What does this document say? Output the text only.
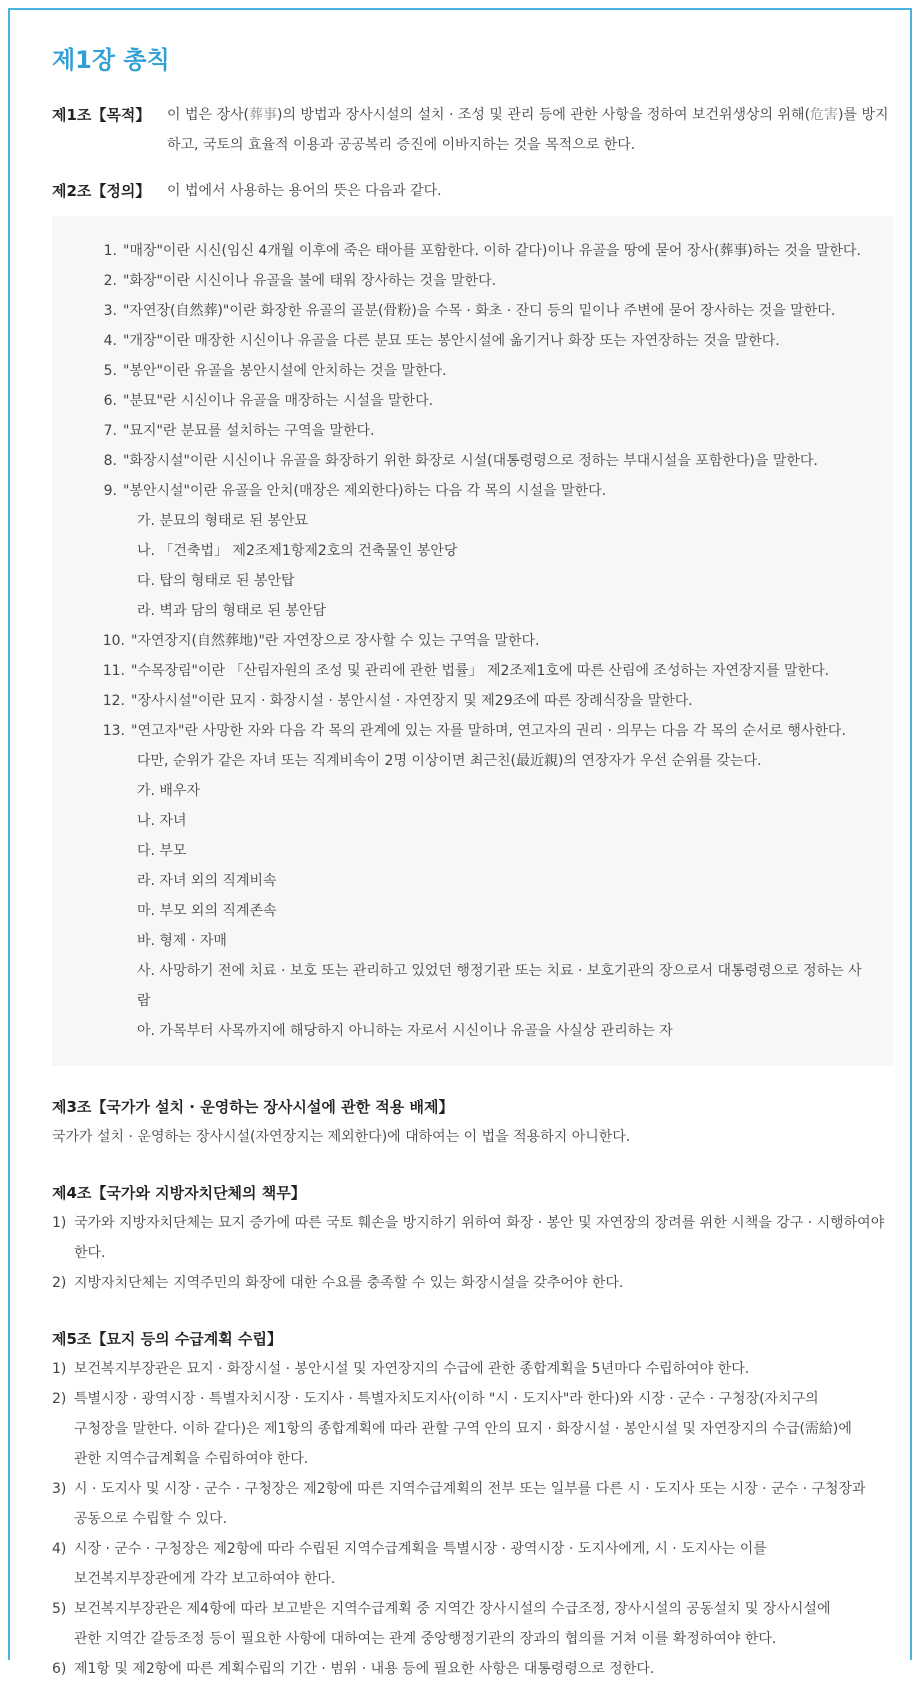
제1장 총칙
제1조【목적】	이 법은 장사(葬事)의 방법과 장사시설의 설치 · 조성 및 관리 등에 관한 사항을 정하여 보건위생상의 위해(危害)를 방지하고, 국토의 효율적 이용과 공공복리 증진에 이바지하는 것을 목적으로 한다.
제2조【정의】	이 법에서 사용하는 용어의 뜻은 다음과 같다.
1. "매장"이란 시신(임신 4개월 이후에 죽은 태아를 포함한다. 이하 같다)이나 유골을 땅에 묻어 장사(葬事)하는 것을 말한다.
2. "화장"이란 시신이나 유골을 불에 태워 장사하는 것을 말한다.
3. "자연장(自然葬)"이란 화장한 유골의 골분(骨粉)을 수목 · 화초 · 잔디 등의 밑이나 주변에 묻어 장사하는 것을 말한다.
4. "개장"이란 매장한 시신이나 유골을 다른 분묘 또는 봉안시설에 옮기거나 화장 또는 자연장하는 것을 말한다.
5. "봉안"이란 유골을 봉안시설에 안치하는 것을 말한다.
6. "분묘"란 시신이나 유골을 매장하는 시설을 말한다.
7. "묘지"란 분묘를 설치하는 구역을 말한다.
8. "화장시설"이란 시신이나 유골을 화장하기 위한 화장로 시설(대통령령으로 정하는 부대시설을 포함한다)을 말한다.
9. "봉안시설"이란 유골을 안치(매장은 제외한다)하는 다음 각 목의 시설을 말한다.
가. 분묘의 형태로 된 봉안묘
나. 「건축법」 제2조제1항제2호의 건축물인 봉안당
다. 탑의 형태로 된 봉안탑
라. 벽과 담의 형태로 된 봉안담
10. "자연장지(自然葬地)"란 자연장으로 장사할 수 있는 구역을 말한다.
11. "수목장림"이란 「산림자원의 조성 및 관리에 관한 법률」 제2조제1호에 따른 산림에 조성하는 자연장지를 말한다.
12. "장사시설"이란 묘지 · 화장시설 · 봉안시설 · 자연장지 및 제29조에 따른 장례식장을 말한다.
13. "연고자"란 사망한 자와 다음 각 목의 관계에 있는 자를 말하며, 연고자의 권리 · 의무는 다음 각 목의 순서로 행사한다.
다만, 순위가 같은 자녀 또는 직계비속이 2명 이상이면 최근친(最近親)의 연장자가 우선 순위를 갖는다.
가. 배우자
나. 자녀
다. 부모
라. 자녀 외의 직계비속
마. 부모 외의 직계존속
바. 형제 · 자매
사. 사망하기 전에 치료 · 보호 또는 관리하고 있었던 행정기관 또는 치료 · 보호기관의 장으로서 대통령령으로 정하는 사람
아. 가목부터 사목까지에 해당하지 아니하는 자로서 시신이나 유골을 사실상 관리하는 자
제3조【국가가 설치 · 운영하는 장사시설에 관한 적용 배제】
국가가 설치 · 운영하는 장사시설(자연장지는 제외한다)에 대하여는 이 법을 적용하지 아니한다.
제4조【국가와 지방자치단체의 책무】
1) 국가와 지방자치단체는 묘지 증가에 따른 국토 훼손을 방지하기 위하여 화장 · 봉안 및 자연장의 장려를 위한 시책을 강구 · 시행하여야 한다.
2) 지방자치단체는 지역주민의 화장에 대한 수요를 충족할 수 있는 화장시설을 갖추어야 한다.
제5조【묘지 등의 수급계획 수립】
1) 보건복지부장관은 묘지 · 화장시설 · 봉안시설 및 자연장지의 수급에 관한 종합계획을 5년마다 수립하여야 한다.
2) 특별시장 · 광역시장 · 특별자치시장 · 도지사 · 특별자치도지사(이하 "시 · 도지사"라 한다)와 시장 · 군수 · 구청장(자치구의
구청장을 말한다. 이하 같다)은 제1항의 종합계획에 따라 관할 구역 안의 묘지 · 화장시설 · 봉안시설 및 자연장지의 수급(需給)에
관한 지역수급계획을 수립하여야 한다.
3) 시 · 도지사 및 시장 · 군수 · 구청장은 제2항에 따른 지역수급계획의 전부 또는 일부를 다른 시 · 도지사 또는 시장 · 군수 · 구청장과
공동으로 수립할 수 있다.
4) 시장 · 군수 · 구청장은 제2항에 따라 수립된 지역수급계획을 특별시장 · 광역시장 · 도지사에게, 시 · 도지사는 이를
보건복지부장관에게 각각 보고하여야 한다.
5) 보건복지부장관은 제4항에 따라 보고받은 지역수급계획 중 지역간 장사시설의 수급조정, 장사시설의 공동설치 및 장사시설에
관한 지역간 갈등조정 등이 필요한 사항에 대하여는 관계 중앙행정기관의 장과의 협의를 거쳐 이를 확정하여야 한다.
6) 제1항 및 제2항에 따른 계획수립의 기간 · 범위 · 내용 등에 필요한 사항은 대통령령으로 정한다.
